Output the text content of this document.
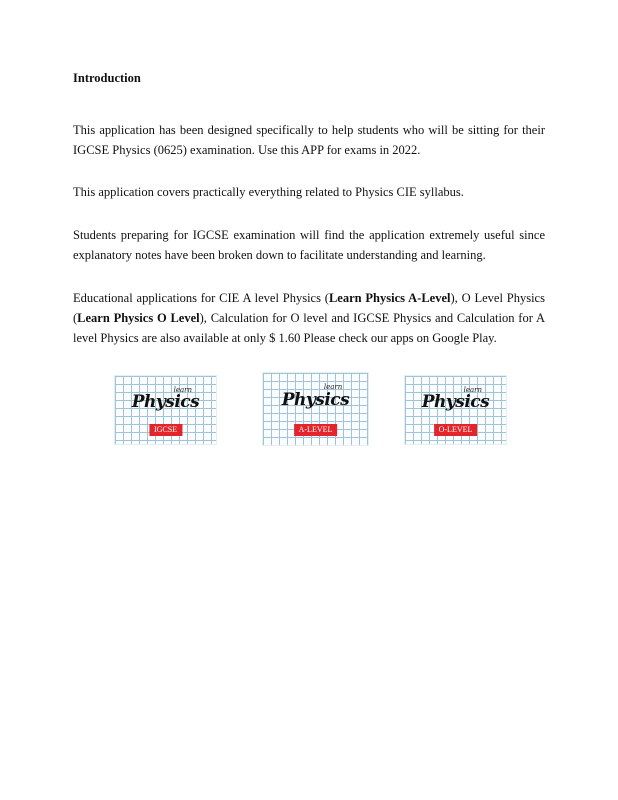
Introduction

This application has been designed specifically to help students who will be sitting for their IGCSE Physics (0625) examination. Use this APP for exams in 2022.

This application covers practically everything related to Physics CIE syllabus.

Students preparing for IGCSE examination will find the application extremely useful since explanatory notes have been broken down to facilitate understanding and learning.

Educational applications for CIE A level Physics (Learn Physics A-Level), O Level Physics (Learn Physics O Level), Calculation for O level and IGCSE Physics and Calculation for A level Physics are also available at only $ 1.60 Please check our apps on Google Play.

learn
Physics
IGCSE
learn
Physics
A-LEVEL
learn
Physics
O-LEVEL
